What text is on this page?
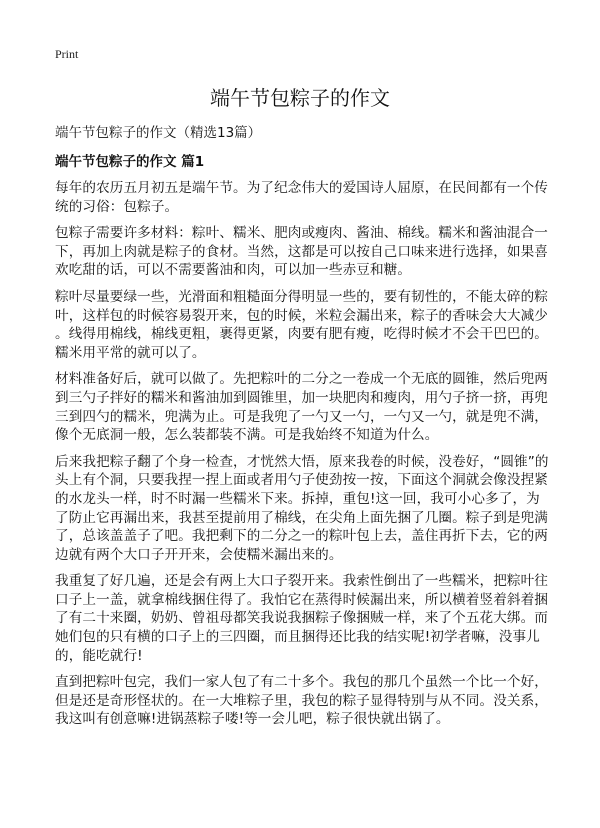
Print
端午节包粽子的作文
端午节包粽子的作文（精选13篇）
端午节包粽子的作文 篇1
每年的农历五月初五是端午节。为了纪念伟大的爱国诗人屈原，在民间都有一个传
统的习俗：包粽子。
包粽子需要许多材料：粽叶、糯米、肥肉或瘦肉、酱油、棉线。糯米和酱油混合一
下，再加上肉就是粽子的食材。当然，这都是可以按自己口味来进行选择，如果喜
欢吃甜的话，可以不需要酱油和肉，可以加一些赤豆和糖。
粽叶尽量要绿一些，光滑面和粗糙面分得明显一些的，要有韧性的，不能太碎的粽
叶，这样包的时候容易裂开来，包的时候，米粒会漏出来，粽子的香味会大大减少
。线得用棉线，棉线更粗，裹得更紧，肉要有肥有瘦，吃得时候才不会干巴巴的。
糯米用平常的就可以了。
材料准备好后，就可以做了。先把粽叶的二分之一卷成一个无底的圆锥，然后兜两
到三勺子拌好的糯米和酱油加到圆锥里，加一块肥肉和瘦肉，用勺子挤一挤，再兜
三到四勺的糯米，兜满为止。可是我兜了一勺又一勺，一勺又一勺，就是兜不满，
像个无底洞一般，怎么装都装不满。可是我始终不知道为什么。
后来我把粽子翻了个身一检查，才恍然大悟，原来我卷的时候，没卷好，“圆锥”的
头上有个洞，只要我捏一捏上面或者用勺子使劲按一按，下面这个洞就会像没捏紧
的水龙头一样，时不时漏一些糯米下来。拆掉，重包!这一回，我可小心多了，为
了防止它再漏出来，我甚至提前用了棉线，在尖角上面先捆了几圈。粽子到是兜满
了，总该盖盖子了吧。我把剩下的二分之一的粽叶包上去，盖住再折下去，它的两
边就有两个大口子开开来，会使糯米漏出来的。
我重复了好几遍，还是会有两上大口子裂开来。我索性倒出了一些糯米，把粽叶往
口子上一盖，就拿棉线捆住得了。我怕它在蒸得时候漏出来，所以横着竖着斜着捆
了有二十来圈，奶奶、曾祖母都笑我说我捆粽子像捆贼一样，来了个五花大绑。而
她们包的只有横的口子上的三四圈，而且捆得还比我的结实呢!初学者嘛，没事儿
的，能吃就行!
直到把粽叶包完，我们一家人包了有二十多个。我包的那几个虽然一个比一个好，
但是还是奇形怪状的。在一大堆粽子里，我包的粽子显得特别与从不同。没关系，
我这叫有创意嘛!进锅蒸粽子喽!等一会儿吧，粽子很快就出锅了。
